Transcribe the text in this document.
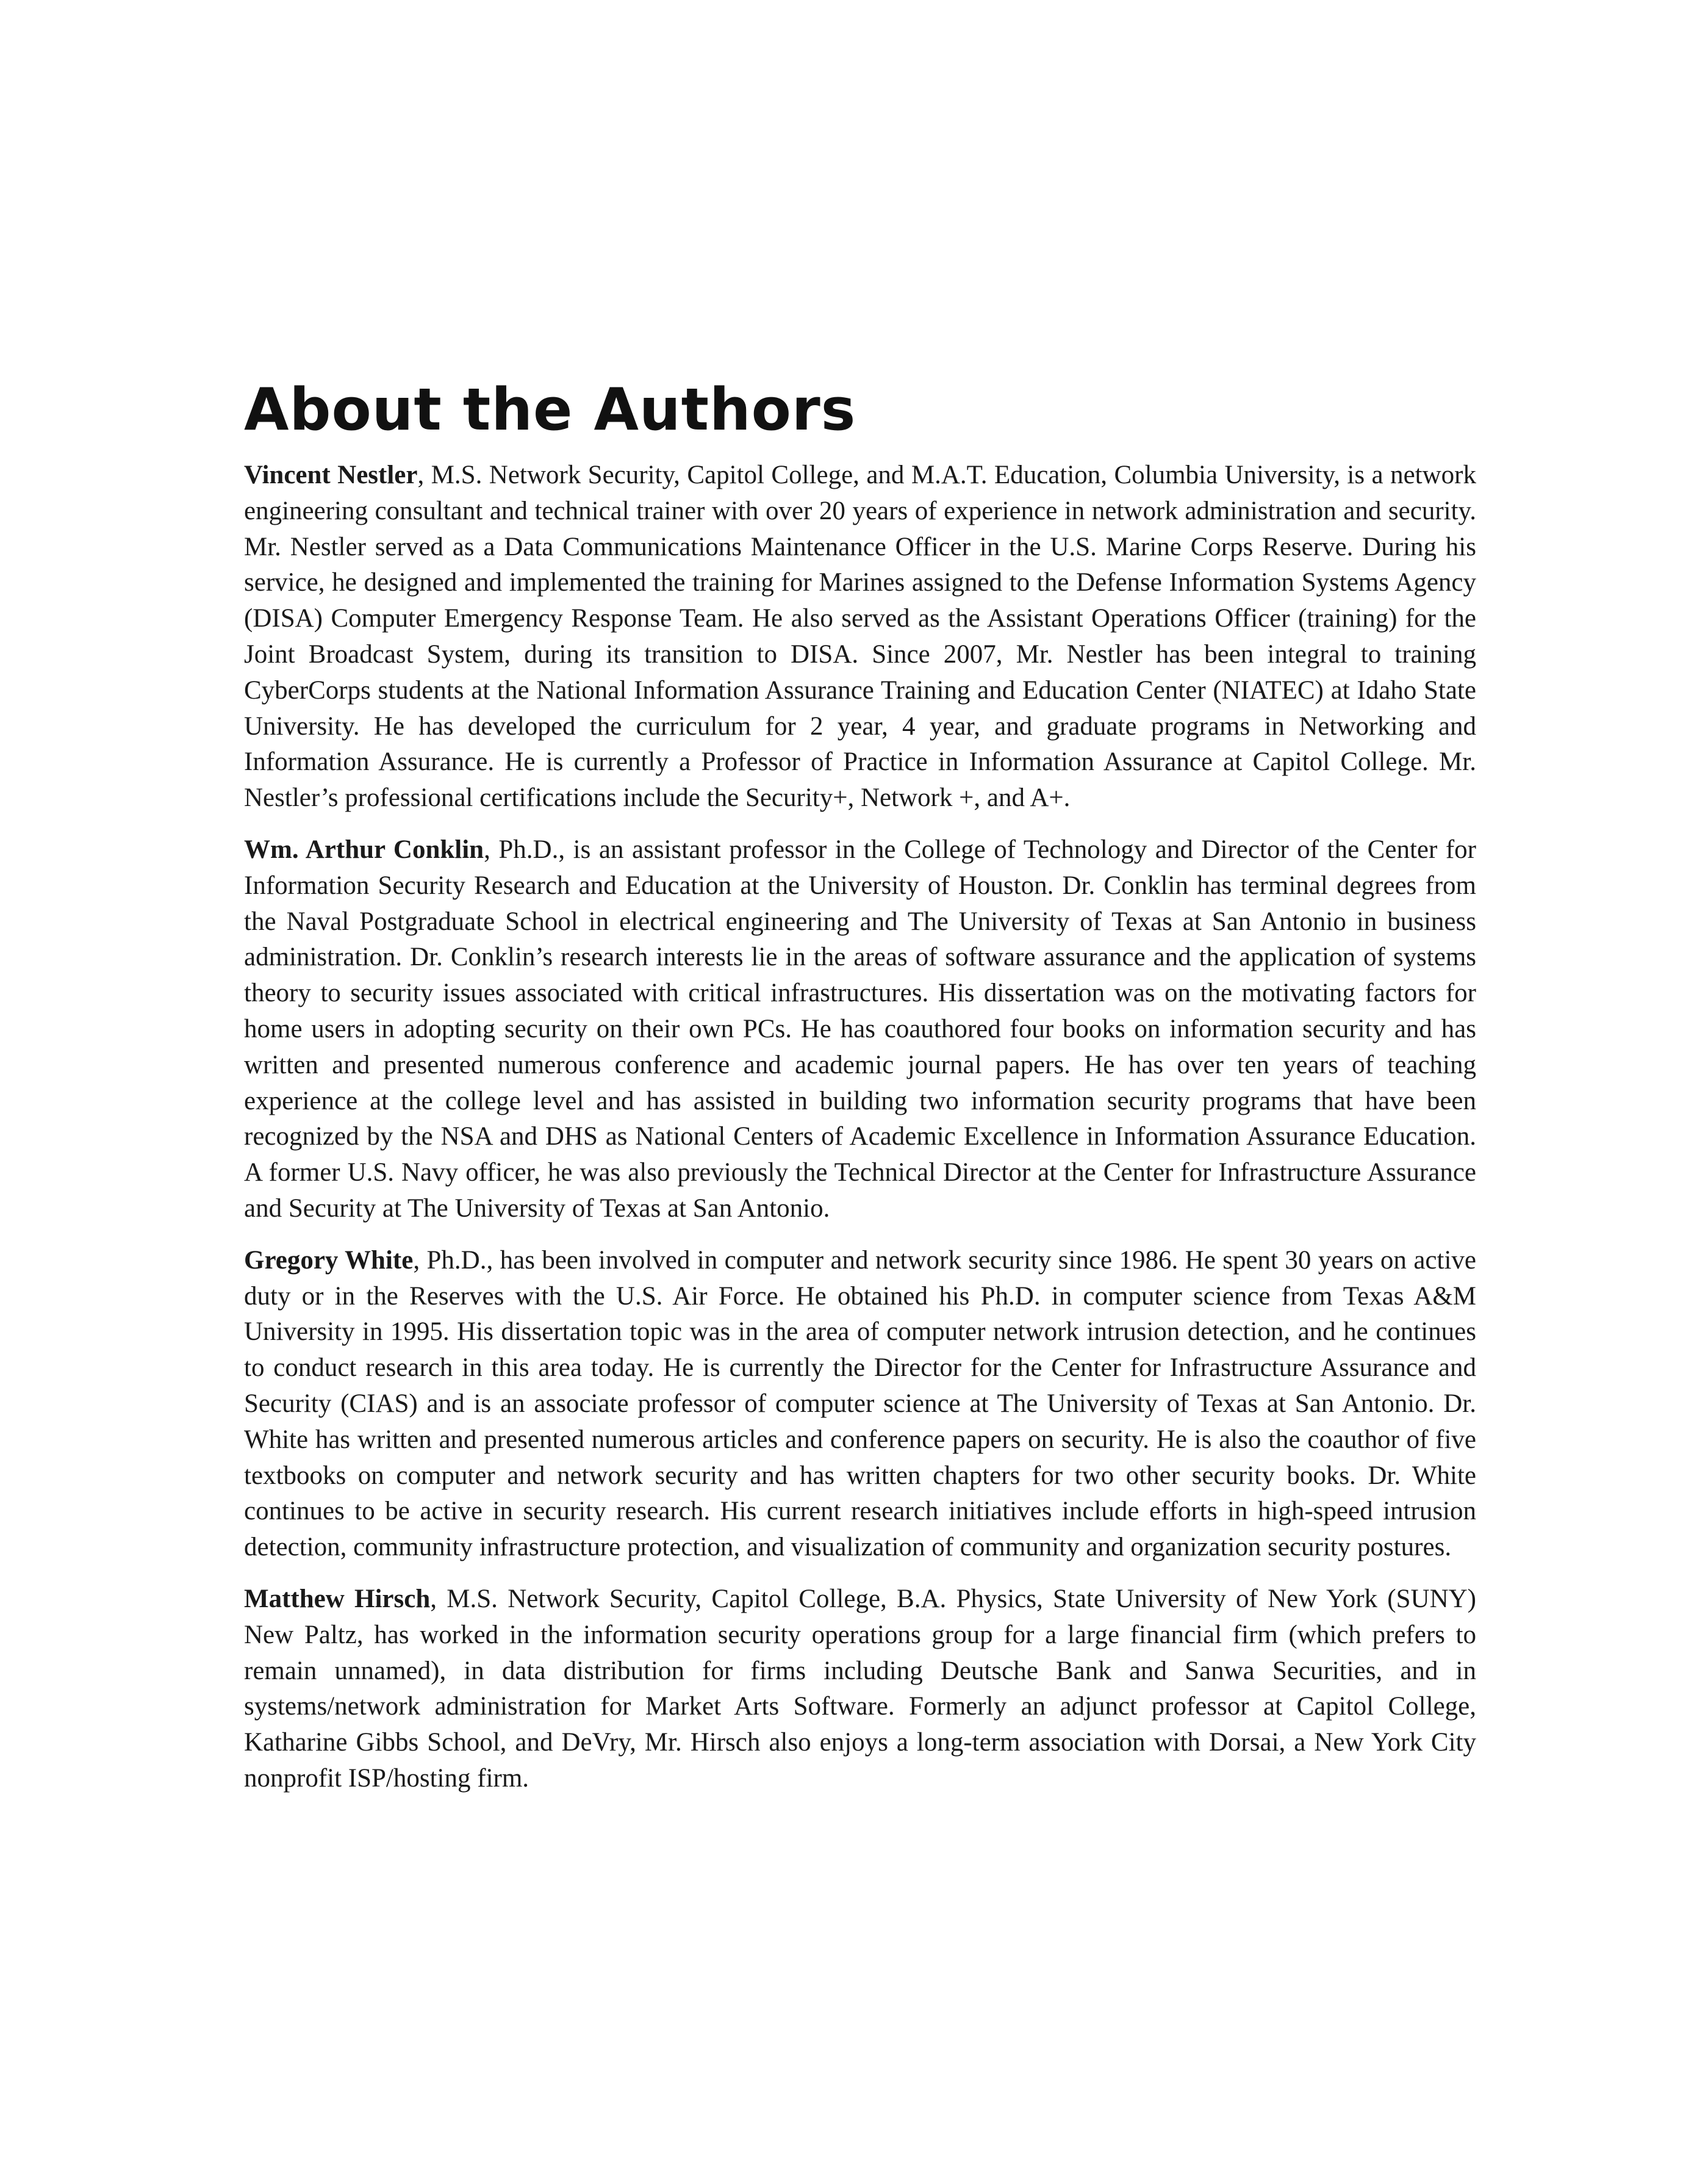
About the Authors

Vincent Nestler, M.S. Network Security, Capitol College, and M.A.T. Education, Columbia University, is a network engineering consultant and technical trainer with over 20 years of experience in network administration and security. Mr. Nestler served as a Data Communications Maintenance Officer in the U.S. Marine Corps Reserve. During his service, he designed and implemented the training for Marines assigned to the Defense Information Systems Agency (DISA) Computer Emergency Response Team. He also served as the Assistant Operations Officer (training) for the Joint Broadcast System, during its transition to DISA. Since 2007, Mr. Nestler has been integral to training CyberCorps students at the National Information Assurance Training and Education Center (NIATEC) at Idaho State University. He has developed the curriculum for 2 year, 4 year, and graduate programs in Networking and Information Assurance. He is currently a Professor of Practice in Information Assurance at Capitol College. Mr. Nestler’s professional certifications include the Security+, Network +, and A+.

Wm. Arthur Conklin, Ph.D., is an assistant professor in the College of Technology and Director of the Center for Information Security Research and Education at the University of Houston. Dr. Conklin has terminal degrees from the Naval Postgraduate School in electrical engineering and The University of Texas at San Antonio in business administration. Dr. Conklin’s research interests lie in the areas of software assurance and the application of systems theory to security issues associated with critical infrastructures. His dissertation was on the motivating factors for home users in adopting security on their own PCs. He has coauthored four books on information security and has written and presented numerous conference and academic journal papers. He has over ten years of teaching experience at the college level and has assisted in building two information security programs that have been recognized by the NSA and DHS as National Centers of Academic Excellence in Information Assurance Education. A former U.S. Navy officer, he was also previously the Technical Director at the Center for Infrastructure Assurance and Security at The University of Texas at San Antonio.

Gregory White, Ph.D., has been involved in computer and network security since 1986. He spent 30 years on active duty or in the Reserves with the U.S. Air Force. He obtained his Ph.D. in computer science from Texas A&M University in 1995. His dissertation topic was in the area of computer network intrusion detection, and he continues to conduct research in this area today. He is currently the Director for the Center for Infrastructure Assurance and Security (CIAS) and is an associate professor of computer science at The University of Texas at San Antonio. Dr. White has written and presented numerous articles and conference papers on security. He is also the coauthor of five textbooks on computer and network security and has written chapters for two other security books. Dr. White continues to be active in security research. His current research initiatives include efforts in high-speed intrusion detection, community infrastructure protection, and visualization of community and organization security postures.

Matthew Hirsch, M.S. Network Security, Capitol College, B.A. Physics, State University of New York (SUNY) New Paltz, has worked in the information security operations group for a large financial firm (which prefers to remain unnamed), in data distribution for firms including Deutsche Bank and Sanwa Securities, and in systems/network administration for Market Arts Software. Formerly an adjunct professor at Capitol College, Katharine Gibbs School, and DeVry, Mr. Hirsch also enjoys a long-term association with Dorsai, a New York City nonprofit ISP/hosting firm.
